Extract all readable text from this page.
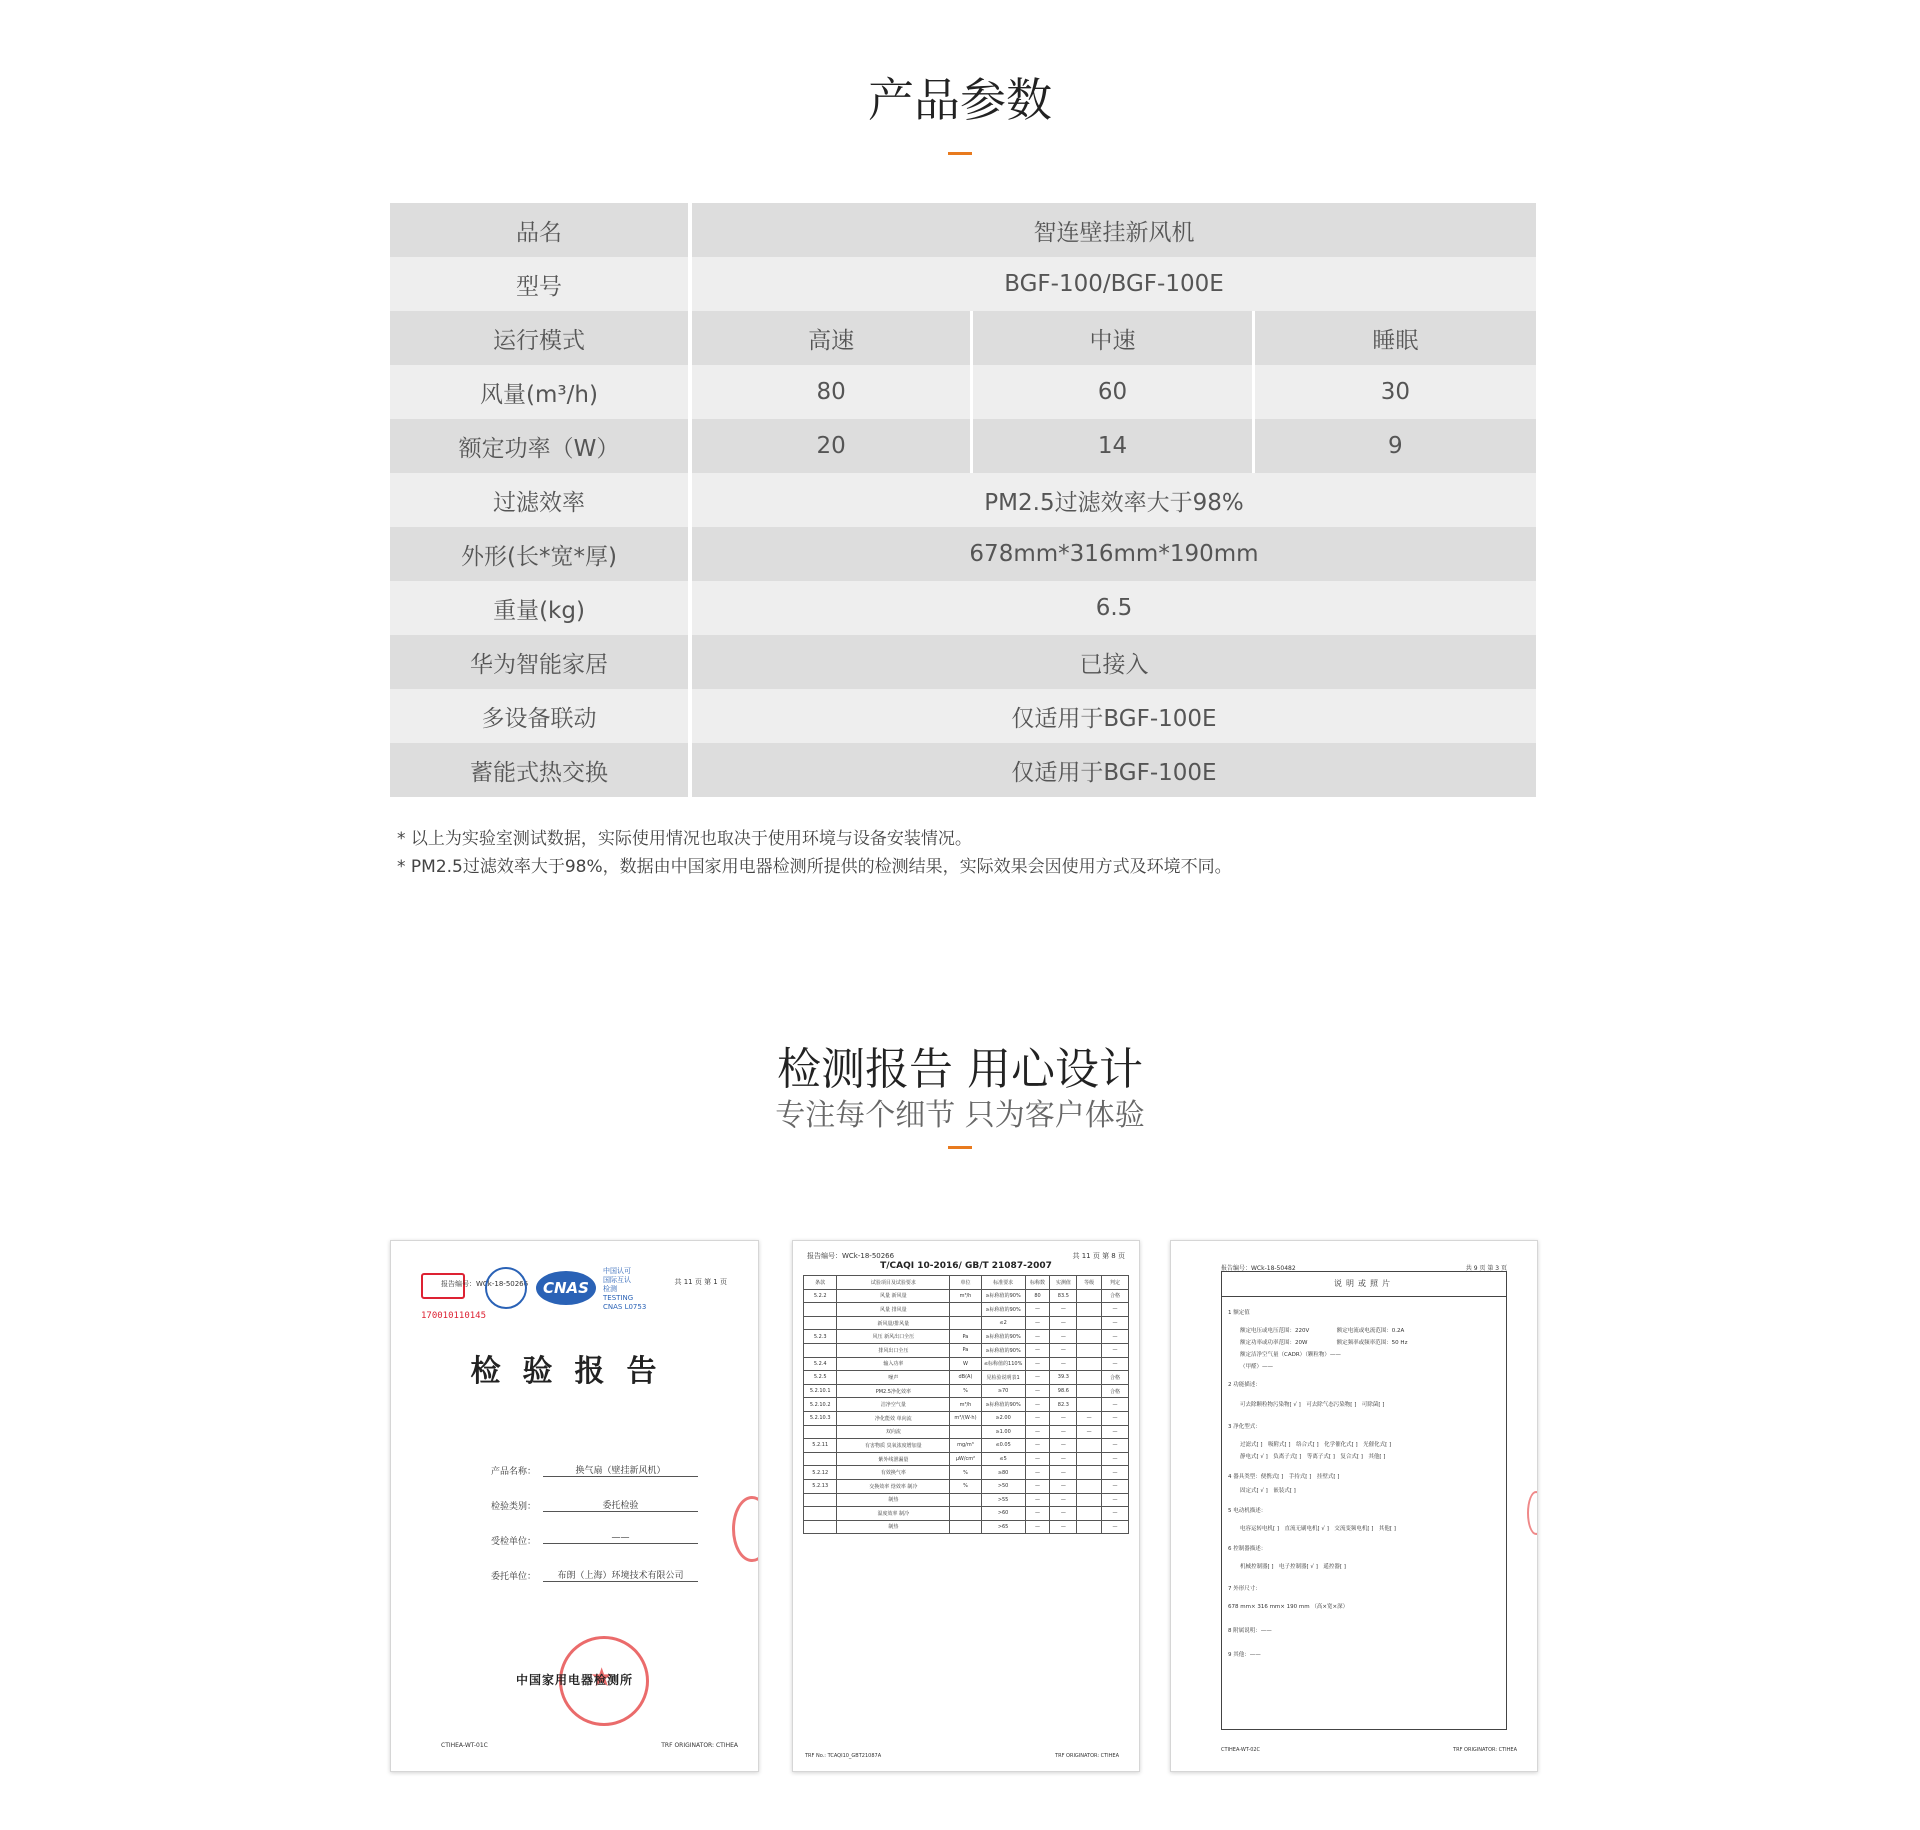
产品参数
品名	智连壁挂新风机		
型号	BGF-100/BGF-100E		
运行模式	高速	中速	睡眠
风量(m³/h)	80	60	30
额定功率（W）	20	14	9
过滤效率	PM2.5过滤效率大于98%		
外形(长*宽*厚)	678mm*316mm*190mm		
重量(kg)	6.5		
华为智能家居	已接入		
多设备联动	仅适用于BGF-100E		
蓄能式热交换	仅适用于BGF-100E		
* 以上为实验室测试数据，实际使用情况也取决于使用环境与设备安装情况。
* PM2.5过滤效率大于98%，数据由中国家用电器检测所提供的检测结果，实际效果会因使用方式及环境不同。
检测报告 用心设计
专注每个细节 只为客户体验
170010110145
报告编号：WCk-18-50266 CNAS
中国认可
国际互认
检测
TESTING
CNAS L0753
共 11 页 第 1 页
检验报告
产品名称：	换气扇（壁挂新风机）
检验类别：	委托检验
受检单位：	——
委托单位：	布朗（上海）环境技术有限公司
★
中国家用电器检测所
CTIHEA-WT-01C	TRF ORIGINATOR: CTIHEA
报告编号：WCk-18-50266	共 11 页 第 8 页
T/CAQI 10-2016/ GB/T 21087-2007
条款	试验项目及试验要求	单位	标准要求	标称数	实测值	等级	判定
5.2.2	风量 新风量	m³/h	≥标称值的90%	80	83.5		合格
	风量 排风量		≥标称值的90%	—	—		—
	新风量/排风量		≤2	—	—		—
5.2.3	风压 新风出口全压	Pa	≥标称值的90%	—	—		—
	排风出口全压	Pa	≥标称值的90%	—	—		—
5.2.4	输入功率	W	≤标称值的110%	—	—		—
5.2.5	噪声	dB(A)	见检验说明表1	—	39.3		合格
5.2.10.1	PM2.5净化效率	%	≥70	—	98.6		合格
5.2.10.2	洁净空气量	m³/h	≥标称值的90%	—	82.3		—
5.2.10.3	净化能效 单向流	m³/(W·h)	≥2.00	—	—	—	—
	双向流		≥1.00	—	—	—	—
5.2.11	有害物质 臭氧浓度增加量	mg/m³	≤0.05	—	—		—
	紫外线泄漏量	μW/cm²	≤5	—	—		—
5.2.12	有效换气率	%	≥80	—	—		—
5.2.13	交换效率 焓效率 制冷	%	>50	—	—		—
	制热		>55	—	—		—
	温度效率 制冷		>60	—	—		—
	制热		>65	—	—		—
TRF No.: TCAQI10_GBT21087A	TRF ORIGINATOR: CTIHEA
报告编号：WCk-18-50482	共 9 页 第 3 页
说明或照片
1 额定值
额定电压或电压范围：220V　　　　　额定电流或电流范围：0.2A
额定功率或功率范围：20W　　　　　 额定频率或频率范围：50 Hz
额定洁净空气量（CADR）（颗粒物）——
（甲醛）——
2 功能描述：
可去除颗粒物污染物[ √ ]　可去除气态污染物[ ]　可除菌[ ]
3 净化型式：
过滤式[ ]　吸附式[ ]　络合式[ ]　化学催化式[ ]　光催化式[ ]
静电式[ √ ]　负离子式[ ]　等离子式[ ]　复合式[ ]　其他[ ]
4 器具类型：便携式[ ]　手持式[ ]　挂壁式[ ]
固定式[ √ ]　嵌装式[ ]
5 电动机描述：
电容运转电机[ ]　直流无刷电机[ √ ]　交流变频电机[ ]　其他[ ]
6 控制器描述：
机械控制器[ ]　电子控制器[ √ ]　遥控器[ ]
7 外形尺寸：
678 mm× 316 mm× 190 mm （高×宽×深）
8 附属说明：——
9 其他：——
CTIHEA-WT-02C	TRF ORIGINATOR: CTIHEA
